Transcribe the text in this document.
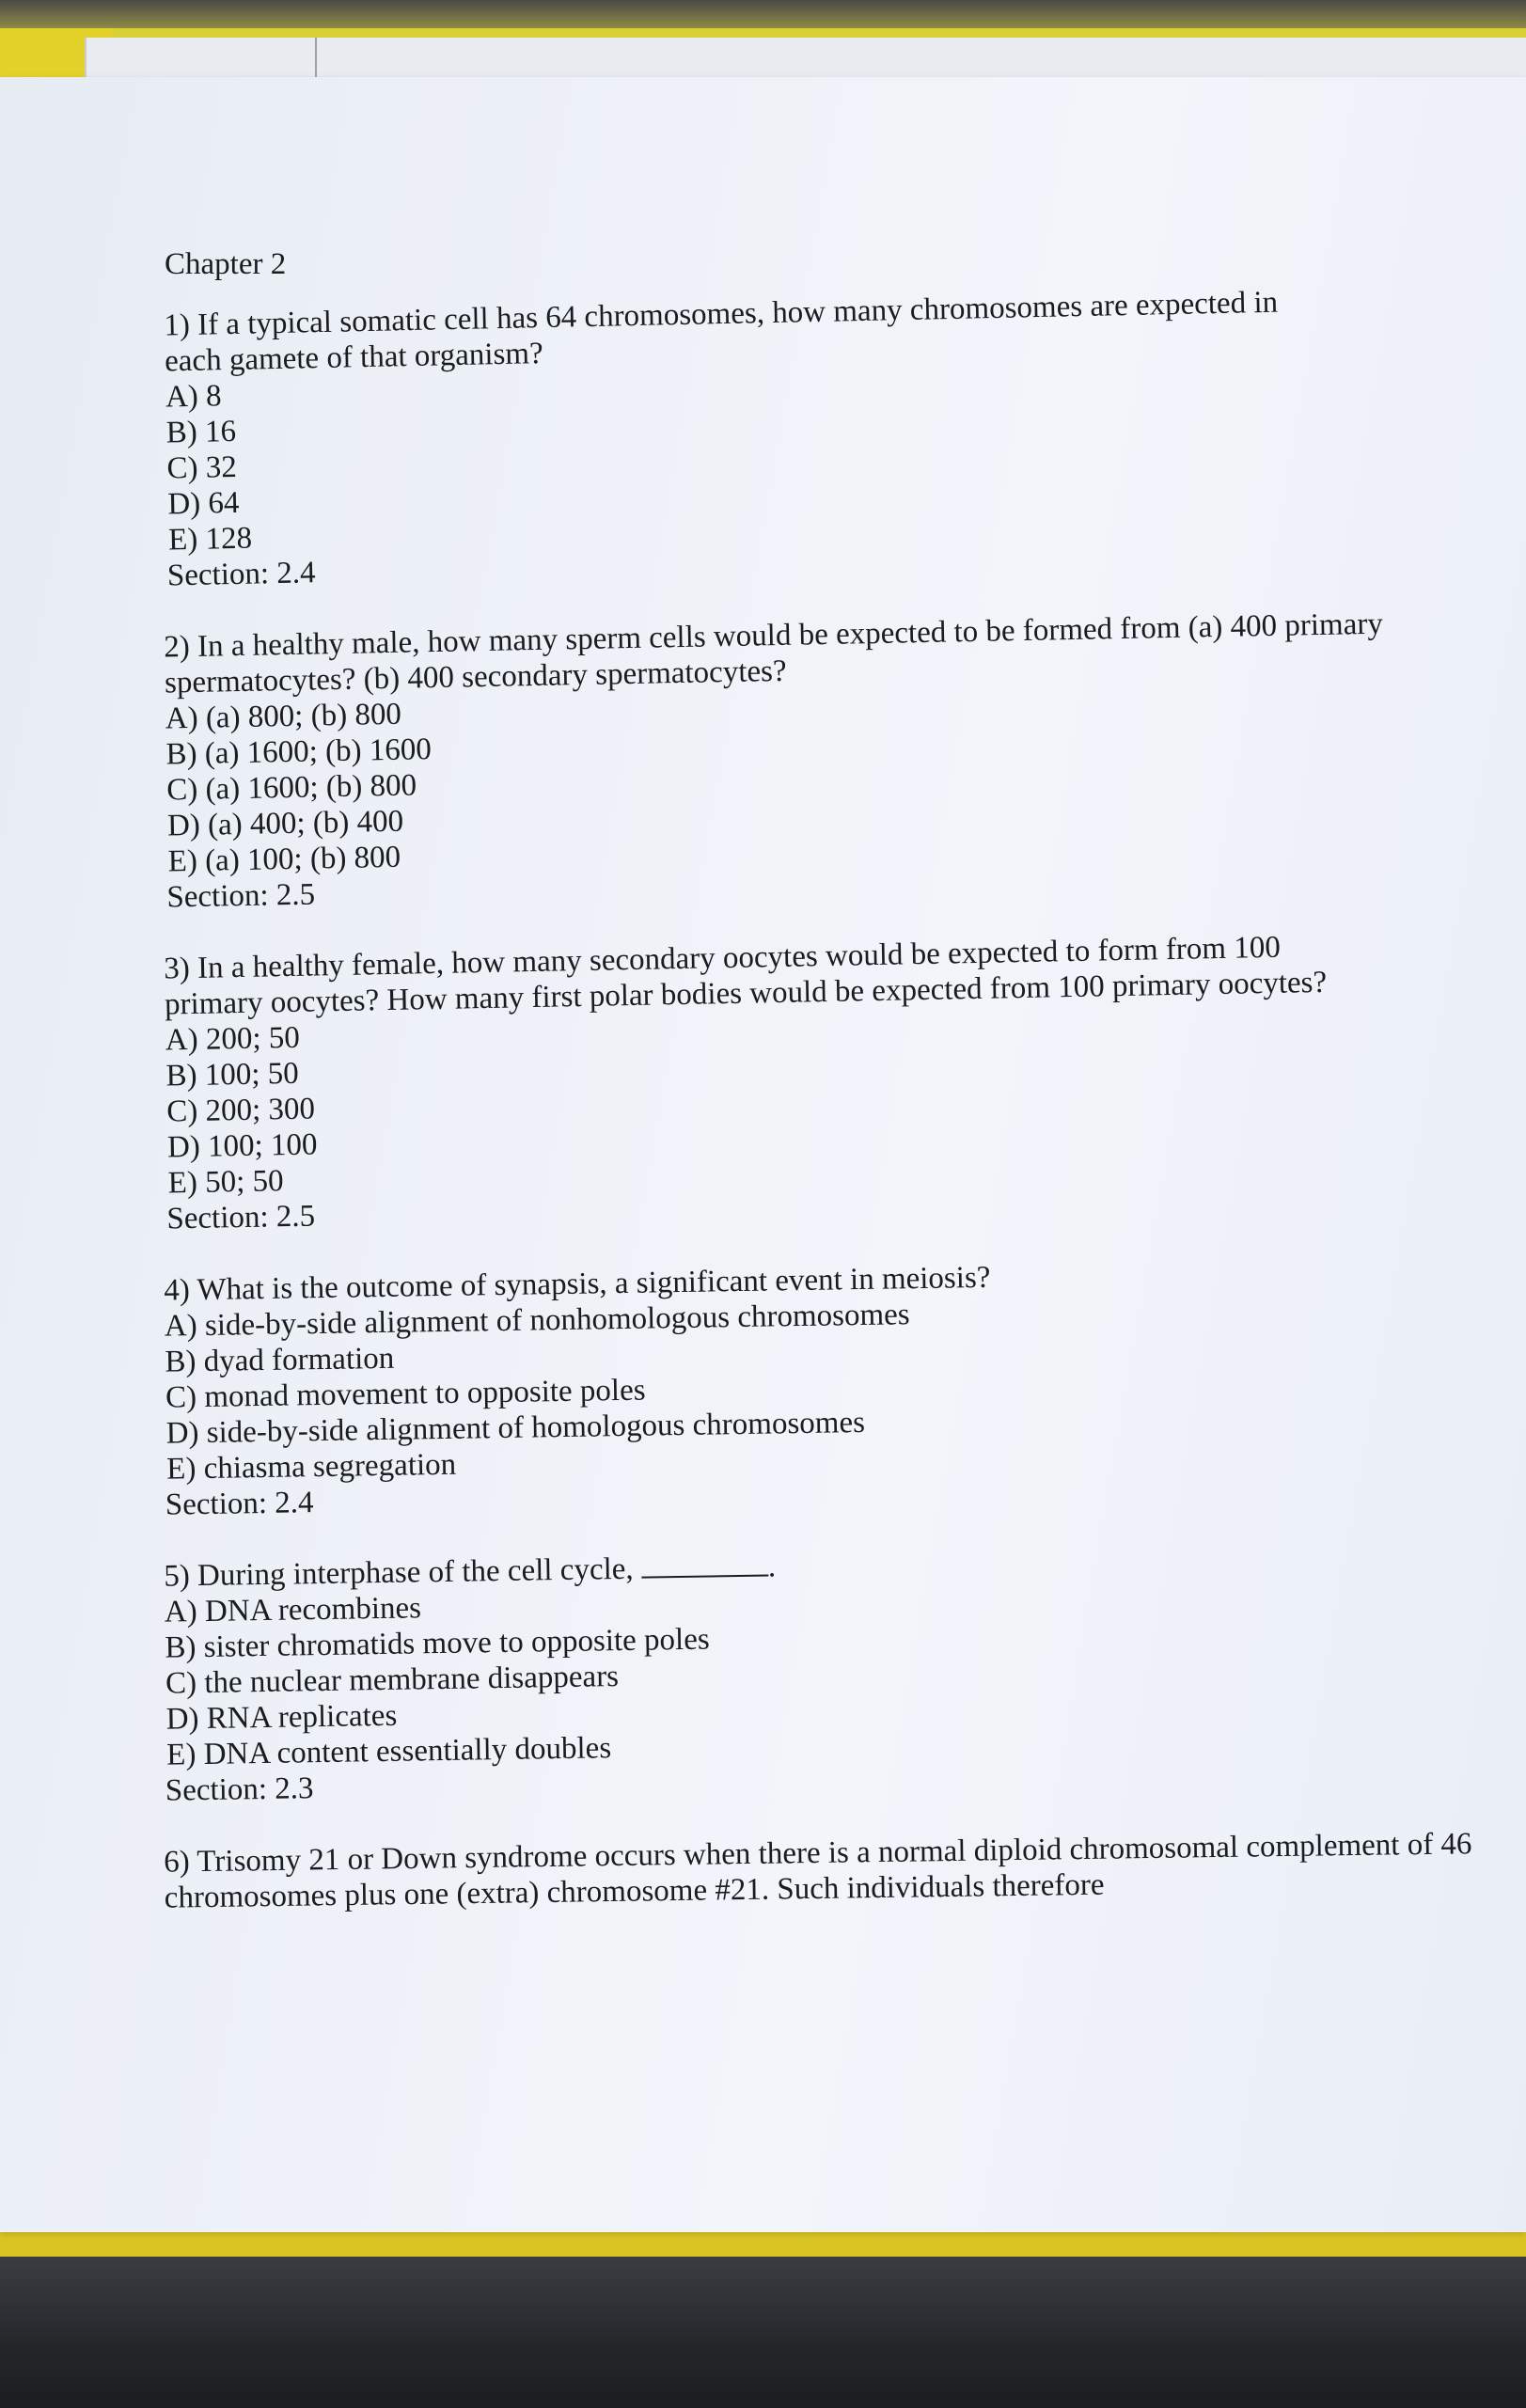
Chapter 2

1) If a typical somatic cell has 64 chromosomes, how many chromosomes are expected in each gamete of that organism?

A) 8
B) 16
C) 32
D) 64
E) 128
Section: 2.4

2) In a healthy male, how many sperm cells would be expected to be formed from (a) 400 primary spermatocytes? (b) 400 secondary spermatocytes?

A) (a) 800; (b) 800
B) (a) 1600; (b) 1600
C) (a) 1600; (b) 800
D) (a) 400; (b) 400
E) (a) 100; (b) 800
Section: 2.5

3) In a healthy female, how many secondary oocytes would be expected to form from 100 primary oocytes? How many first polar bodies would be expected from 100 primary oocytes?

A) 200; 50
B) 100; 50
C) 200; 300
D) 100; 100
E) 50; 50
Section: 2.5

4) What is the outcome of synapsis, a significant event in meiosis?

A) side-by-side alignment of nonhomologous chromosomes
B) dyad formation
C) monad movement to opposite poles
D) side-by-side alignment of homologous chromosomes
E) chiasma segregation
Section: 2.4

5) During interphase of the cell cycle,	.

A) DNA recombines
B) sister chromatids move to opposite poles
C) the nuclear membrane disappears
D) RNA replicates
E) DNA content essentially doubles
Section: 2.3

6) Trisomy 21 or Down syndrome occurs when there is a normal diploid chromosomal complement of 46 chromosomes plus one (extra) chromosome #21. Such individuals therefore
